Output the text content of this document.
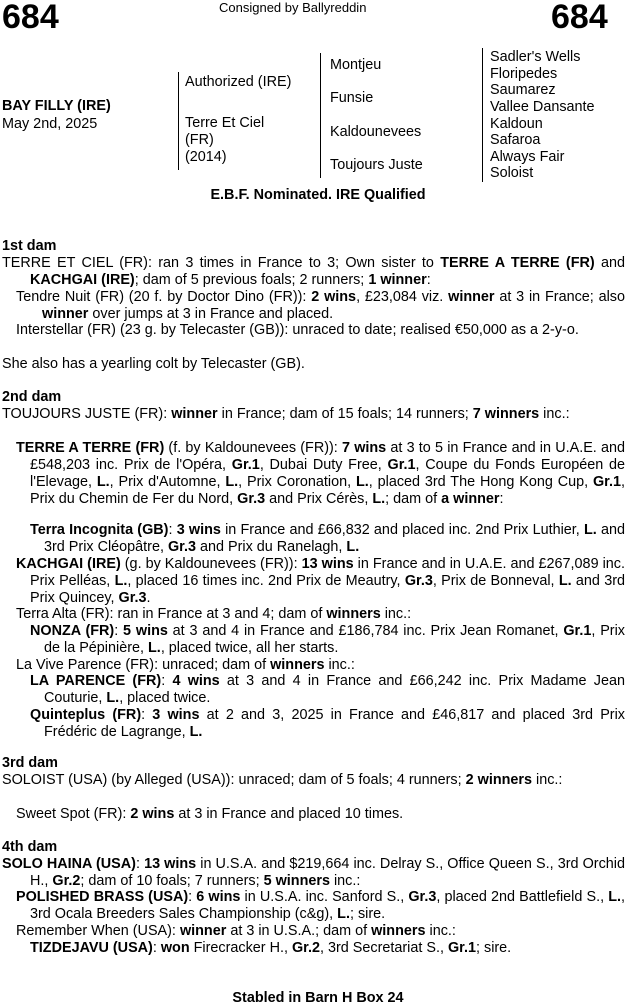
684	Consigned by Ballyreddin	684
BAY FILLY (IRE)
May 2nd, 2025
Authorized (IRE)
Terre Et Ciel
(FR)
(2014)
Montjeu
Funsie
Kaldounevees
Toujours Juste
Sadler's Wells
Floripedes
Saumarez
Vallee Dansante
Kaldoun
Safaroa
Always Fair
Soloist
E.B.F. Nominated. IRE Qualified
1st dam
TERRE ET CIEL (FR): ran 3 times in France to 3; Own sister to TERRE A TERRE (FR) and KACHGAI (IRE); dam of 5 previous foals; 2 runners; 1 winner:
Tendre Nuit (FR) (20 f. by Doctor Dino (FR)): 2 wins, £23,084 viz. winner at 3 in France; also winner over jumps at 3 in France and placed.
Interstellar (FR) (23 g. by Telecaster (GB)): unraced to date; realised €50,000 as a 2-y-o.
She also has a yearling colt by Telecaster (GB).
2nd dam
TOUJOURS JUSTE (FR): winner in France; dam of 15 foals; 14 runners; 7 winners inc.:
TERRE A TERRE (FR) (f. by Kaldounevees (FR)): 7 wins at 3 to 5 in France and in U.A.E. and £548,203 inc. Prix de l'Opéra, Gr.1, Dubai Duty Free, Gr.1, Coupe du Fonds Européen de l'Elevage, L., Prix d'Automne, L., Prix Coronation, L., placed 3rd The Hong Kong Cup, Gr.1, Prix du Chemin de Fer du Nord, Gr.3 and Prix Cérès, L.; dam of a winner:
Terra Incognita (GB): 3 wins in France and £66,832 and placed inc. 2nd Prix Luthier, L. and 3rd Prix Cléopâtre, Gr.3 and Prix du Ranelagh, L.
KACHGAI (IRE) (g. by Kaldounevees (FR)): 13 wins in France and in U.A.E. and £267,089 inc. Prix Pelléas, L., placed 16 times inc. 2nd Prix de Meautry, Gr.3, Prix de Bonneval, L. and 3rd Prix Quincey, Gr.3.
Terra Alta (FR): ran in France at 3 and 4; dam of winners inc.:
NONZA (FR): 5 wins at 3 and 4 in France and £186,784 inc. Prix Jean Romanet, Gr.1, Prix de la Pépinière, L., placed twice, all her starts.
La Vive Parence (FR): unraced; dam of winners inc.:
LA PARENCE (FR): 4 wins at 3 and 4 in France and £66,242 inc. Prix Madame Jean Couturie, L., placed twice.
Quinteplus (FR): 3 wins at 2 and 3, 2025 in France and £46,817 and placed 3rd Prix Frédéric de Lagrange, L.
3rd dam
SOLOIST (USA) (by Alleged (USA)): unraced; dam of 5 foals; 4 runners; 2 winners inc.:
Sweet Spot (FR): 2 wins at 3 in France and placed 10 times.
4th dam
SOLO HAINA (USA): 13 wins in U.S.A. and $219,664 inc. Delray S., Office Queen S., 3rd Orchid H., Gr.2; dam of 10 foals; 7 runners; 5 winners inc.:
POLISHED BRASS (USA): 6 wins in U.S.A. inc. Sanford S., Gr.3, placed 2nd Battlefield S., L., 3rd Ocala Breeders Sales Championship (c&g), L.; sire.
Remember When (USA): winner at 3 in U.S.A.; dam of winners inc.:
TIZDEJAVU (USA): won Firecracker H., Gr.2, 3rd Secretariat S., Gr.1; sire.
Stabled in Barn H Box 24
